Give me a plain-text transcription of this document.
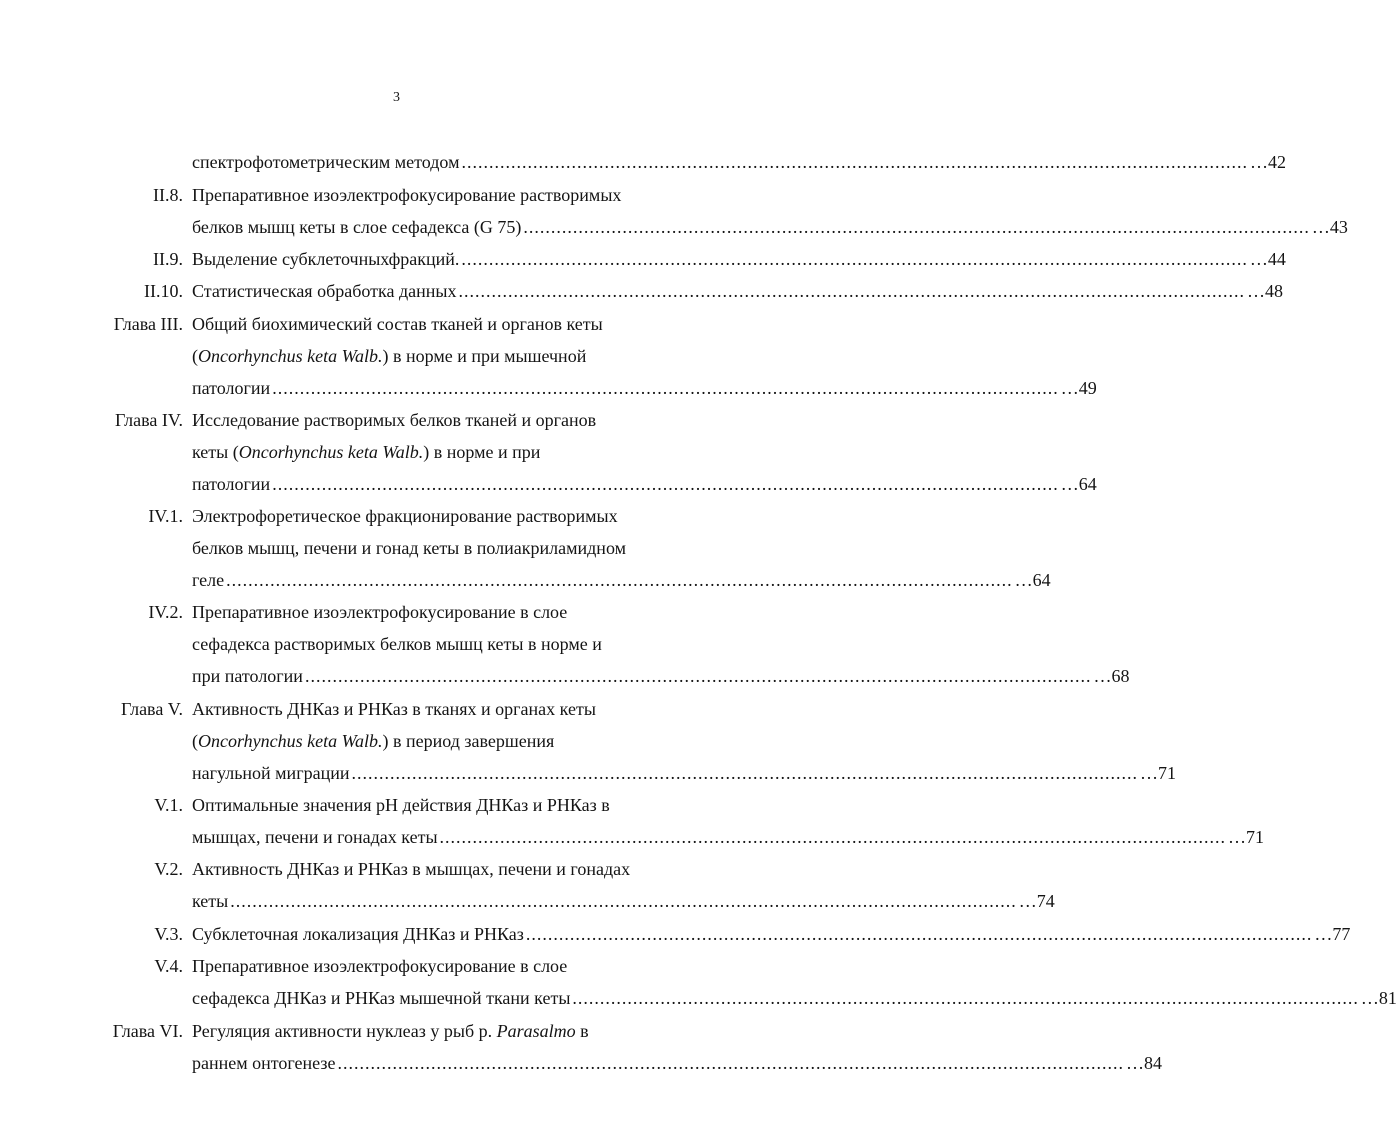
3
спектрофотометрическим методом ............................................................................................................................................... …42
II.8. Препаративное изоэлектрофокусирование растворимых
белков мышц кеты в слое сефадекса (G 75) ............................................................................................................................................... …43
II.9. Выделение субклеточныхфракций. ............................................................................................................................................... …44
II.10. Статистическая обработка данных ............................................................................................................................................... …48
Глава III. Общий биохимический состав тканей и органов кеты
(Oncorhynchus keta Walb.) в норме и при мышечной
патологии ............................................................................................................................................... …49
Глава IV. Исследование растворимых белков тканей и органов
кеты (Oncorhynchus keta Walb.) в норме и при
патологии ............................................................................................................................................... …64
IV.1. Электрофоретическое фракционирование растворимых
белков мышц, печени и гонад кеты в полиакриламидном
геле ............................................................................................................................................... …64
IV.2. Препаративное изоэлектрофокусирование в слое
сефадекса растворимых белков мышц кеты в норме и
при патологии ............................................................................................................................................... …68
Глава V. Активность ДНКаз и РНКаз в тканях и органах кеты
(Oncorhynchus keta Walb.) в период завершения
нагульной миграции ............................................................................................................................................... …71
V.1. Оптимальные значения рН действия ДНКаз и РНКаз в
мышцах, печени и гонадах кеты ............................................................................................................................................... …71
V.2. Активность ДНКаз и РНКаз в мышцах, печени и гонадах
кеты ............................................................................................................................................... …74
V.3. Субклеточная локализация ДНКаз и РНКаз ............................................................................................................................................... …77
V.4. Препаративное изоэлектрофокусирование в слое
сефадекса ДНКаз и РНКаз мышечной ткани кеты ............................................................................................................................................... …81
Глава VI. Регуляция активности нуклеаз у рыб р. Parasalmo в
раннем онтогенезе ............................................................................................................................................... …84
